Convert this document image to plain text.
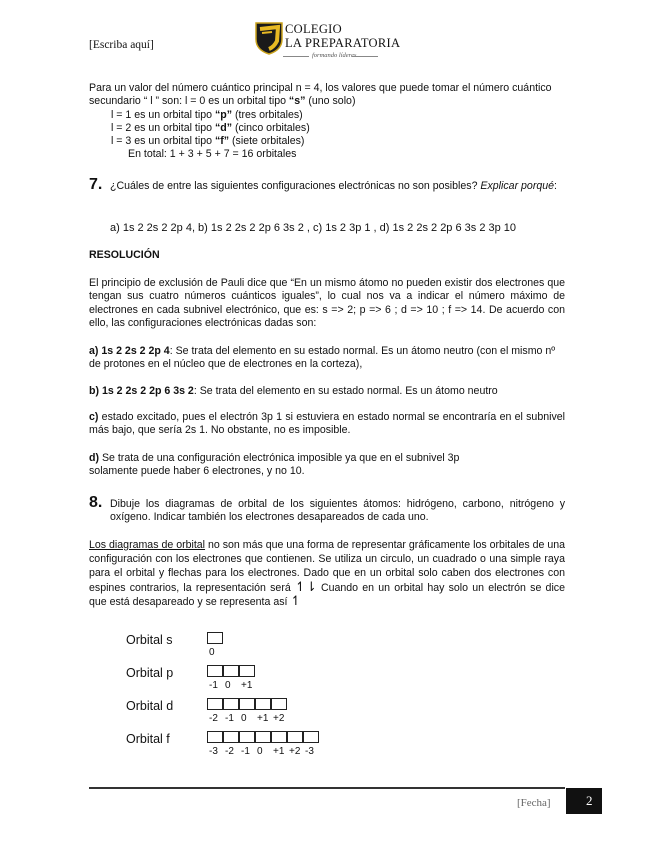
[Escriba aquí]
COLEGIO
LA PREPARATORIA
formando líderes

Para un valor del número cuántico principal n = 4, los valores que puede tomar el número cuántico secundario “ l ” son: l = 0 es un orbital tipo “s” (uno solo)

l = 1 es un orbital tipo “p” (tres orbitales)

l = 2 es un orbital tipo “d” (cinco orbitales)

l = 3 es un orbital tipo “f” (siete orbitales)

En total: 1 + 3 + 5 + 7 = 16 orbitales

7. ¿Cuáles de entre las siguientes configuraciones electrónicas no son posibles? Explicar porqué:

a) 1s 2 2s 2 2p 4, b) 1s 2 2s 2 2p 6 3s 2 , c) 1s 2 3p 1 , d) 1s 2 2s 2 2p 6 3s 2 3p 10

RESOLUCIÓN

El principio de exclusión de Pauli dice que “En un mismo átomo no pueden existir dos electrones que tengan sus cuatro números cuánticos iguales”, lo cual nos va a indicar el número máximo de electrones en cada subnivel electrónico, que es: s => 2; p => 6 ; d => 10 ; f => 14. De acuerdo con ello, las configuraciones electrónicas dadas son:

a) 1s 2 2s 2 2p 4: Se trata del elemento en su estado normal. Es un átomo neutro (con el mismo nº de protones en el núcleo que de electrones en la corteza),

b) 1s 2 2s 2 2p 6 3s 2: Se trata del elemento en su estado normal. Es un átomo neutro

c) estado excitado, pues el electrón 3p 1 si estuviera en estado normal se encontraría en el subnivel más bajo, que sería 2s 1. No obstante, no es imposible.

d) Se trata de una configuración electrónica imposible ya que en el subnivel 3p solamente puede haber 6 electrones, y no 10.

8. Dibuje los diagramas de orbital de los siguientes átomos: hidrógeno, carbono, nitrógeno y oxígeno. Indicar también los electrones desapareados de cada uno.

Los diagramas de orbital no son más que una forma de representar gráficamente los orbitales de una configuración con los electrones que contienen. Se utiliza un circulo, un cuadrado o una simple raya para el orbital y flechas para los electrones. Dado que en un orbital solo caben dos electrones con espines contrarios, la representación será ↿⇂ Cuando en un orbital hay solo un electrón se dice que está desapareado y se representa así ↿

Orbital s
0
Orbital p
-1 0 +1
Orbital d
-2 -1 0 +1 +2
Orbital f
-3 -2 -1 0 +1 +2 -3
[Fecha]	2
